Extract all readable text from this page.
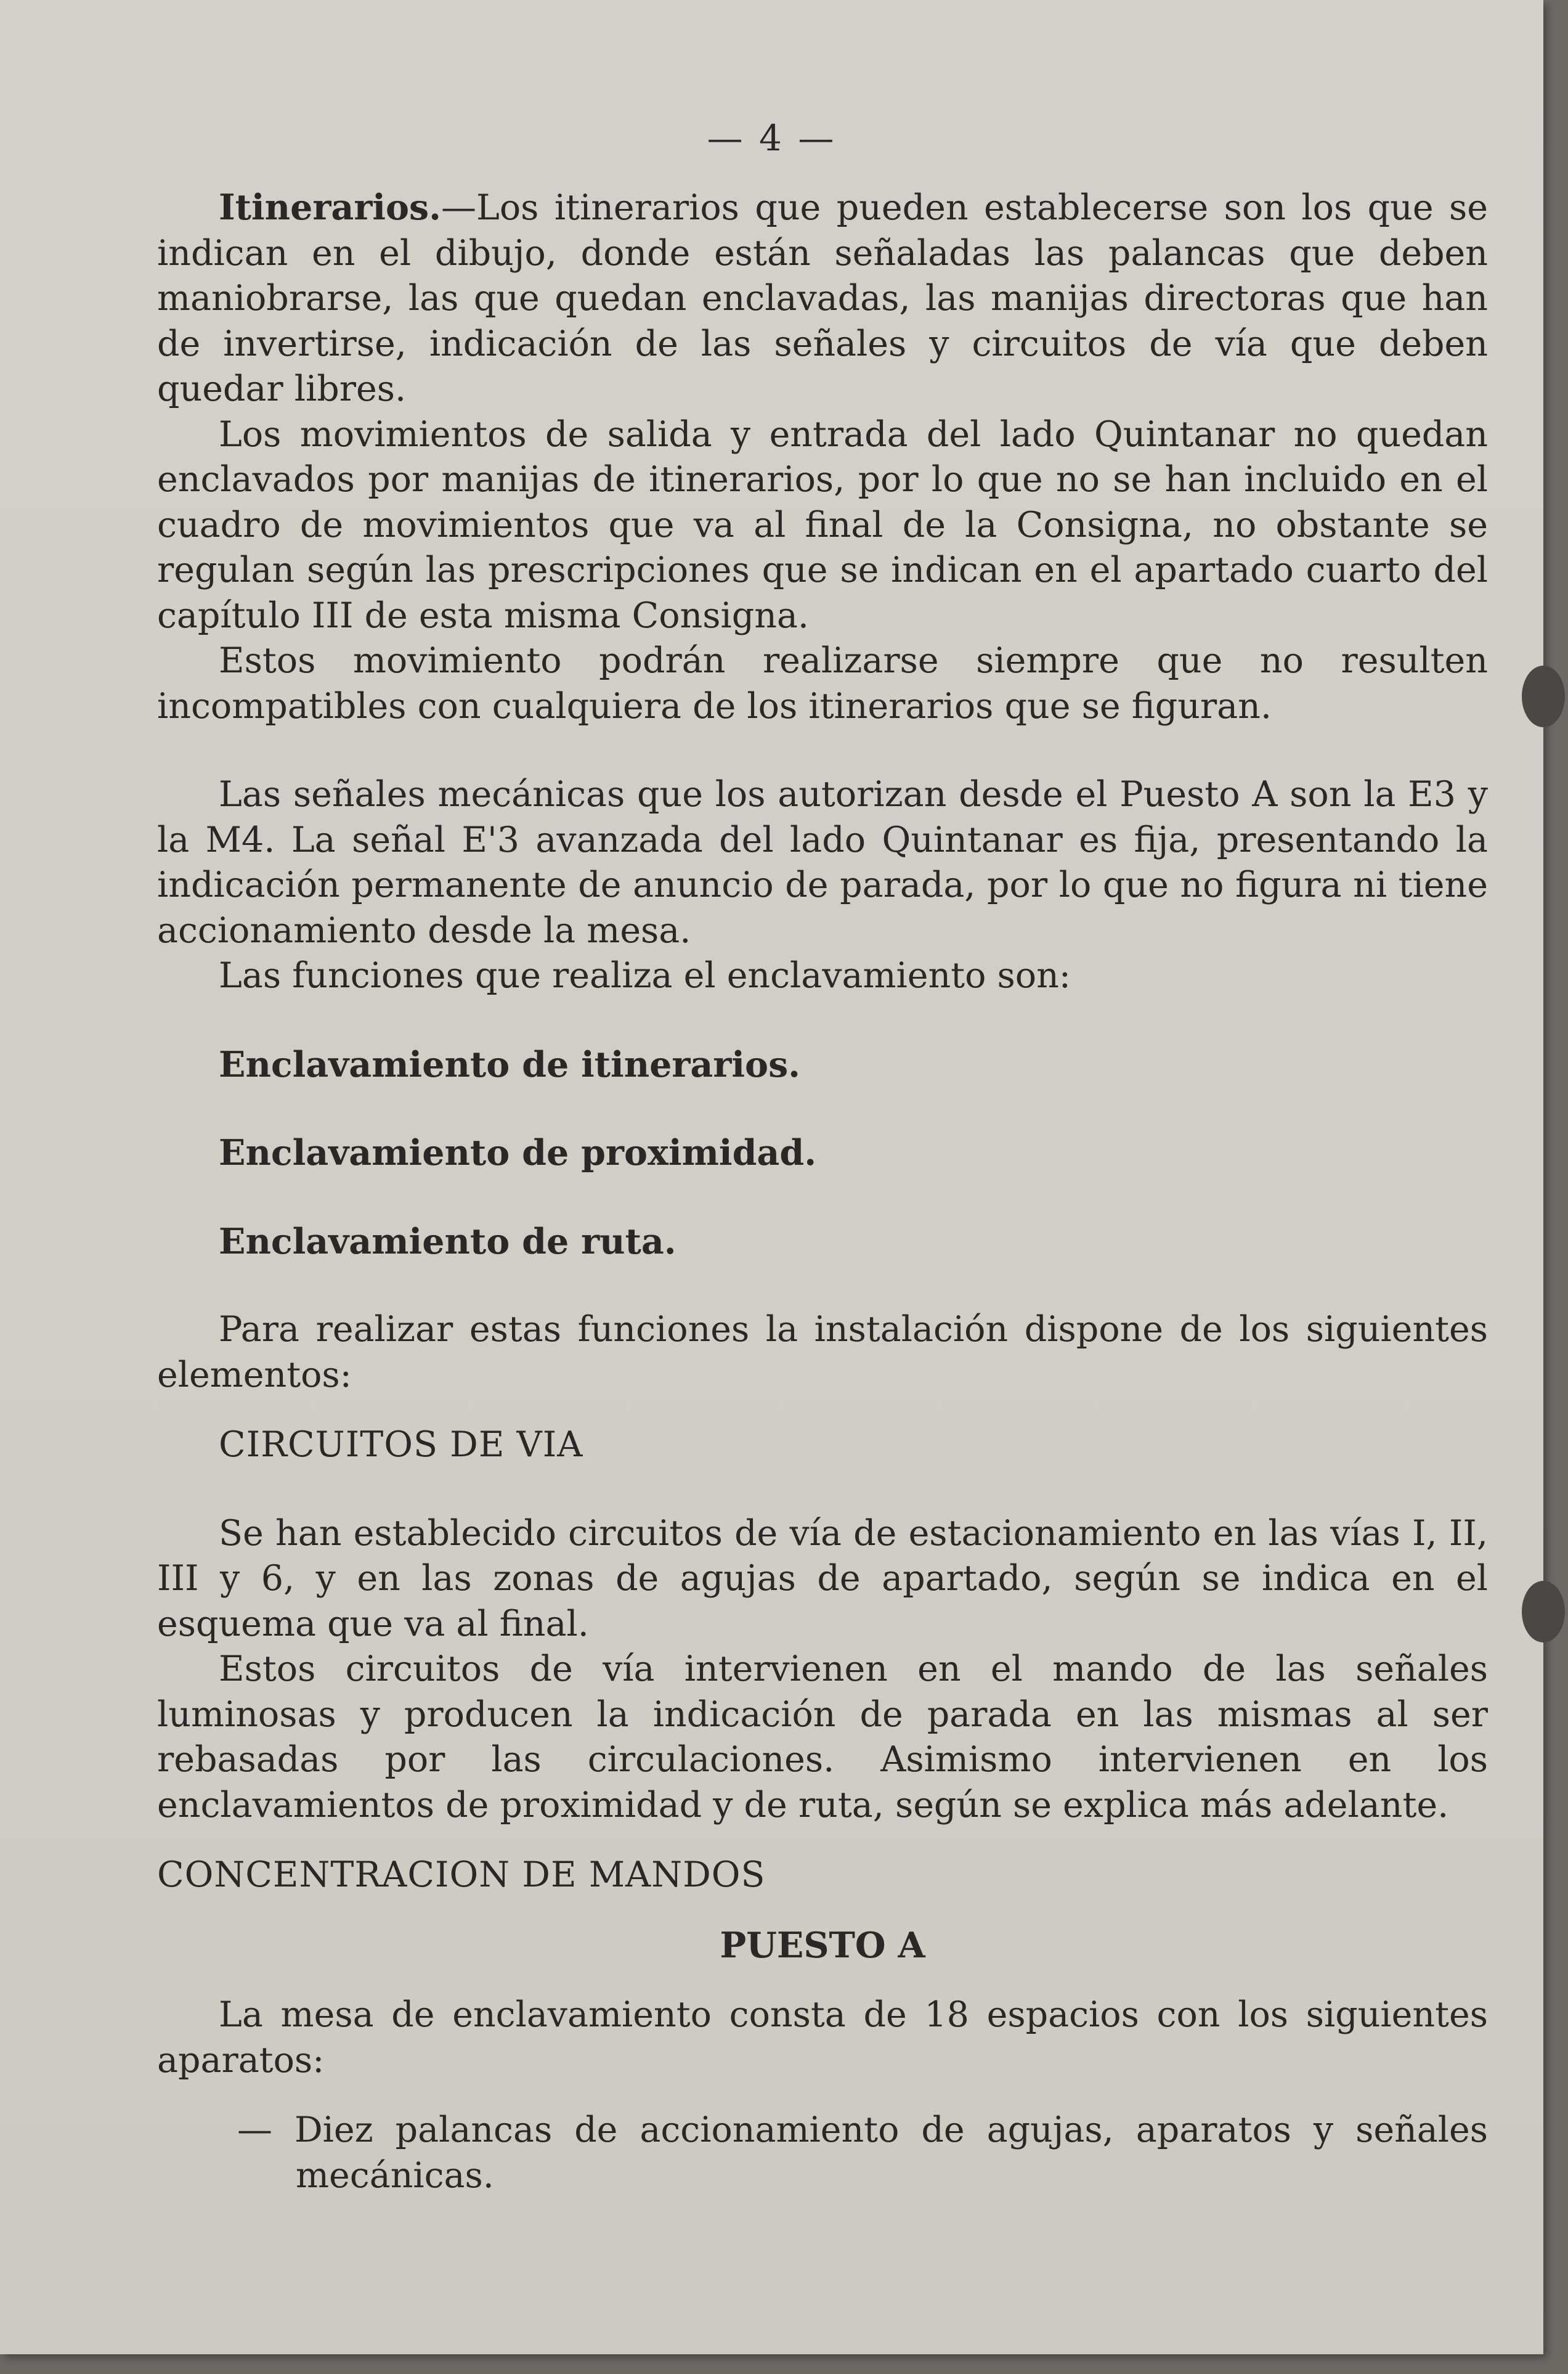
— 4 —

Itinerarios.—Los itinerarios que pueden establecerse son los que se indican en el dibujo, donde están señaladas las palancas que deben maniobrarse, las que quedan enclavadas, las manijas directoras que han de invertirse, indicación de las señales y circuitos de vía que deben quedar libres.

Los movimientos de salida y entrada del lado Quintanar no quedan enclavados por manijas de itinerarios, por lo que no se han incluido en el cuadro de movimientos que va al final de la Consigna, no obstante se regulan según las prescripciones que se indican en el apartado cuarto del capítulo III de esta misma Consigna.

Estos movimiento podrán realizarse siempre que no resulten incompatibles con cualquiera de los itinerarios que se figuran.

Las señales mecánicas que los autorizan desde el Puesto A son la E3 y la M4. La señal E'3 avanzada del lado Quintanar es fija, presentando la indicación permanente de anuncio de parada, por lo que no figura ni tiene accionamiento desde la mesa.

Las funciones que realiza el enclavamiento son:

Enclavamiento de itinerarios.

Enclavamiento de proximidad.

Enclavamiento de ruta.

Para realizar estas funciones la instalación dispone de los siguientes elementos:

CIRCUITOS DE VIA

Se han establecido circuitos de vía de estacionamiento en las vías I, II, III y 6, y en las zonas de agujas de apartado, según se indica en el esquema que va al final.

Estos circuitos de vía intervienen en el mando de las señales luminosas y producen la indicación de parada en las mismas al ser rebasadas por las circulaciones. Asimismo intervienen en los enclavamientos de proximidad y de ruta, según se explica más adelante.

CONCENTRACION DE MANDOS

PUESTO A

La mesa de enclavamiento consta de 18 espacios con los siguientes aparatos:

— Diez palancas de accionamiento de agujas, aparatos y señales mecánicas.
